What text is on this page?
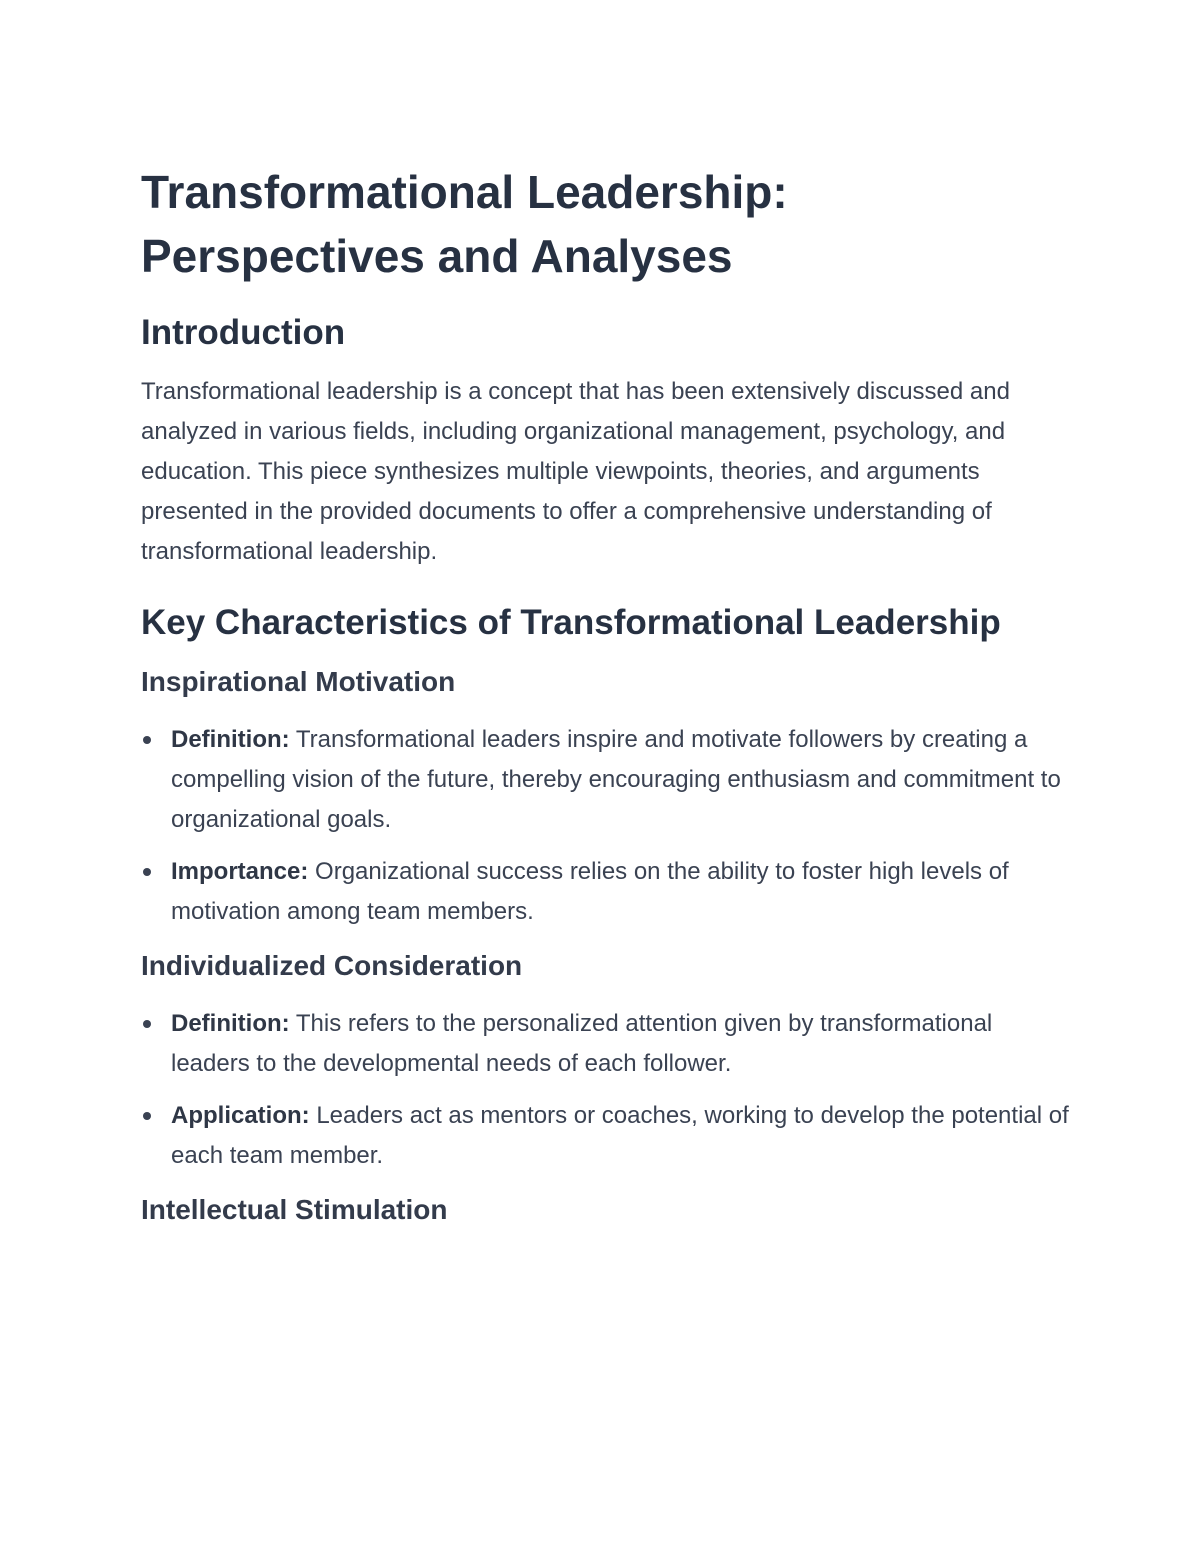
Transformational Leadership: Perspectives and Analyses
Introduction

Transformational leadership is a concept that has been extensively discussed and analyzed in various fields, including organizational management, psychology, and education. This piece synthesizes multiple viewpoints, theories, and arguments presented in the provided documents to offer a comprehensive understanding of transformational leadership.

Key Characteristics of Transformational Leadership
Inspirational Motivation
Definition: Transformational leaders inspire and motivate followers by creating a compelling vision of the future, thereby encouraging enthusiasm and commitment to organizational goals.
Importance: Organizational success relies on the ability to foster high levels of motivation among team members.
Individualized Consideration
Definition: This refers to the personalized attention given by transformational leaders to the developmental needs of each follower.
Application: Leaders act as mentors or coaches, working to develop the potential of each team member.
Intellectual Stimulation
